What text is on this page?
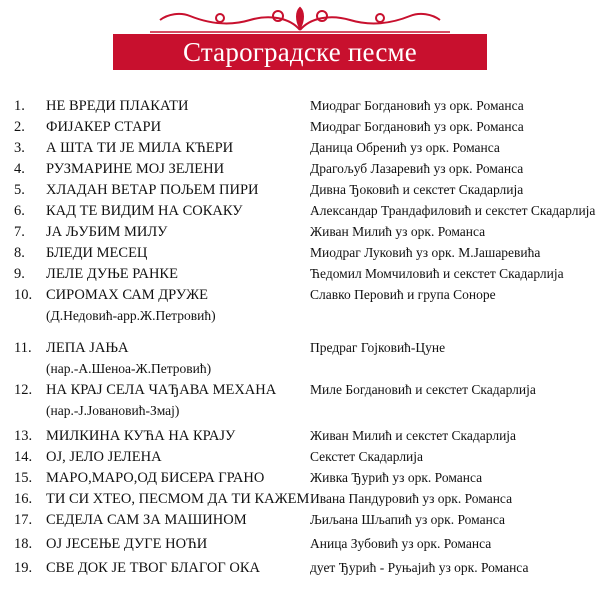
Староградске песме
1.	НЕ ВРЕДИ ПЛАКАТИ	Миодраг Богдановић уз орк. Романса
2.	ФИЈАКЕР СТАРИ	Миодраг Богдановић уз орк. Романса
3.	А ШТА ТИ ЈЕ МИЛА КЋЕРИ	Даница Обренић уз орк. Романса
4.	РУЗМАРИНЕ МОЈ ЗЕЛЕНИ	Драгољуб Лазаревић уз орк. Романса
5.	ХЛАДАН ВЕТАР ПОЉЕМ ПИРИ	Дивна Ђоковић и секстет Скадарлија
6.	КАД ТЕ ВИДИМ НА СОКАКУ	Александар Трандафиловић и секстет Скадарлија
7.	ЈА ЉУБИМ МИЛУ	Живан Милић уз орк. Романса
8.	БЛЕДИ МЕСЕЦ	Миодраг Луковић уз орк. М.Јашаревића
9.	ЛЕЛЕ ДУЊЕ РАНКЕ	Ћедомил Момчиловић и секстет Скадарлија
10. СИРОМАХ САМ ДРУЖЕ	Славко Перовић и група Соноре
(Д.Недовић-арр.Ж.Петровић)
11. ЛЕПА ЈАЊА	Предраг Гојковић-Цуне
(нар.-А.Шеноа-Ж.Петровић)
12. НА КРАЈ СЕЛА ЧАЂАВА МЕХАНА	Миле Богдановић и секстет Скадарлија
(нар.-Ј.Јовановић-Змај)
13. МИЛКИНА КУЋА НА КРАЈУ	Живан Милић и секстет Скадарлија
14. ОЈ, ЈЕЛО ЈЕЛЕНА	Секстет Скадарлија
15. МАРО,МАРО,ОД БИСЕРА ГРАНО	Живка Ђурић уз орк. Романса
16. ТИ СИ ХТЕО, ПЕСМОМ ДА ТИ КАЖЕМ Ивана Пандуровић уз орк. Романса
17. СЕДЕЛА САМ ЗА МАШИНОМ	Љиљана Шљапић уз орк. Романса
18. ОЈ ЈЕСЕЊЕ ДУГЕ НОЋИ	Аница Зубовић уз орк. Романса
19. СВЕ ДОК ЈЕ ТВОГ БЛАГОГ ОКА	дует Ђурић - Руњајић уз орк. Романса
